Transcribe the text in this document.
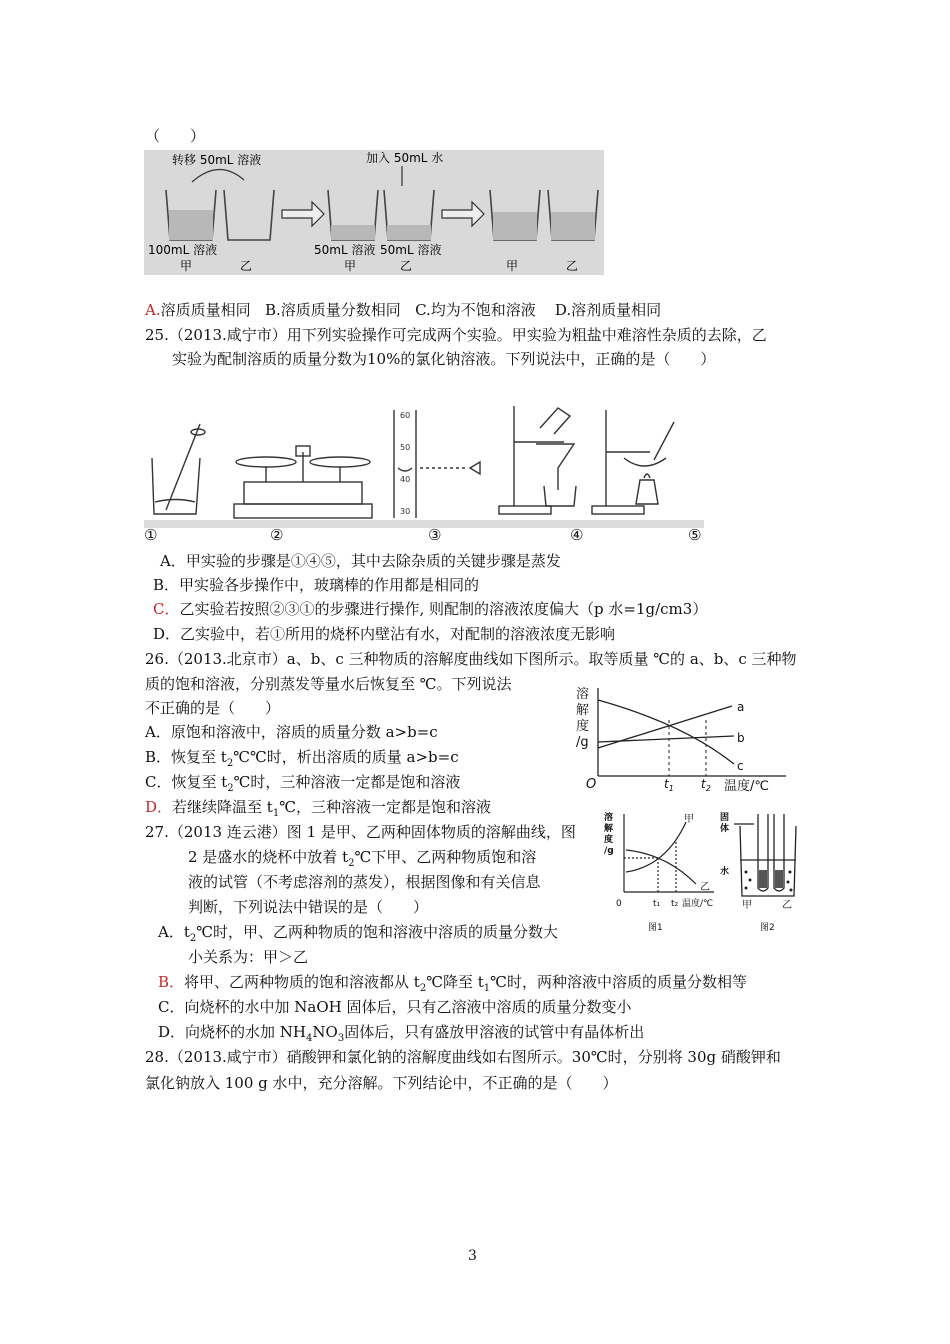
（　　）
转移 50mL 溶液	加入 50mL 水
100mL 溶液	50mL 溶液 50mL 溶液
甲	乙	甲	乙	甲	乙
A.溶质质量相同 B.溶质质量分数相同 C.均为不饱和溶液 D.溶剂质量相同
25.（2013.咸宁市）用下列实验操作可完成两个实验。甲实验为粗盐中难溶性杂质的去除，乙
实验为配制溶质的质量分数为10%的氯化钠溶液。下列说法中，正确的是（　　）
60
50
40
30
①	②	③	④	⑤
A．甲实验的步骤是①④⑤，其中去除杂质的关键步骤是蒸发
B．甲实验各步操作中，玻璃棒的作用都是相同的
C．乙实验若按照②③①的步骤进行操作, 则配制的溶液浓度偏大（p 水=1g/cm3）
D．乙实验中，若①所用的烧杯内壁沾有水，对配制的溶液浓度无影响
26.（2013.北京市）a、b、c 三种物质的溶解度曲线如下图所示。取等质量 ℃的 a、b、c 三种物
质的饱和溶液，分别蒸发等量水后恢复至 ℃。下列说法
不正确的是（　　）
A．原饱和溶液中，溶质的质量分数 a>b=c
B．恢复至 $t_2℃℃$时，析出溶质的质量 a>b=c
C．恢复至 $t_2℃$时，三种溶液一定都是饱和溶液
D．若继续降温至 $t_1℃$，三种溶液一定都是饱和溶液
溶
解
度
/g
O
a
b
c
$t_1$ $t_2$ 温度/℃
27.（2013 连云港）图 1 是甲、乙两种固体物质的溶解曲线，图
2 是盛水的烧杯中放着 $t_2℃$下甲、乙两种物质饱和溶
液的试管（不考虑溶剂的蒸发），根据图像和有关信息
判断，下列说法中错误的是（　　）
A．$t_2℃$时，甲、乙两种物质的饱和溶液中溶质的质量分数大
小关系为：甲＞乙
B．将甲、乙两种物质的饱和溶液都从 $t_2℃$降至 $t_1℃$时，两种溶液中溶质的质量分数相等
C．向烧杯的水中加 NaOH 固体后，只有乙溶液中溶质的质量分数变小
D．向烧杯的水加 $NH_4NO_3$固体后，只有盛放甲溶液的试管中有晶体析出
溶
解
度
/g
甲
乙
0	t₁ t₂ 温度/℃
图1
固
体
水
甲	乙
图2
28.（2013.咸宁市）硝酸钾和氯化钠的溶解度曲线如右图所示。30℃时，分别将 30g 硝酸钾和
氯化钠放入 100 g 水中，充分溶解。下列结论中，不正确的是（　　）
3
